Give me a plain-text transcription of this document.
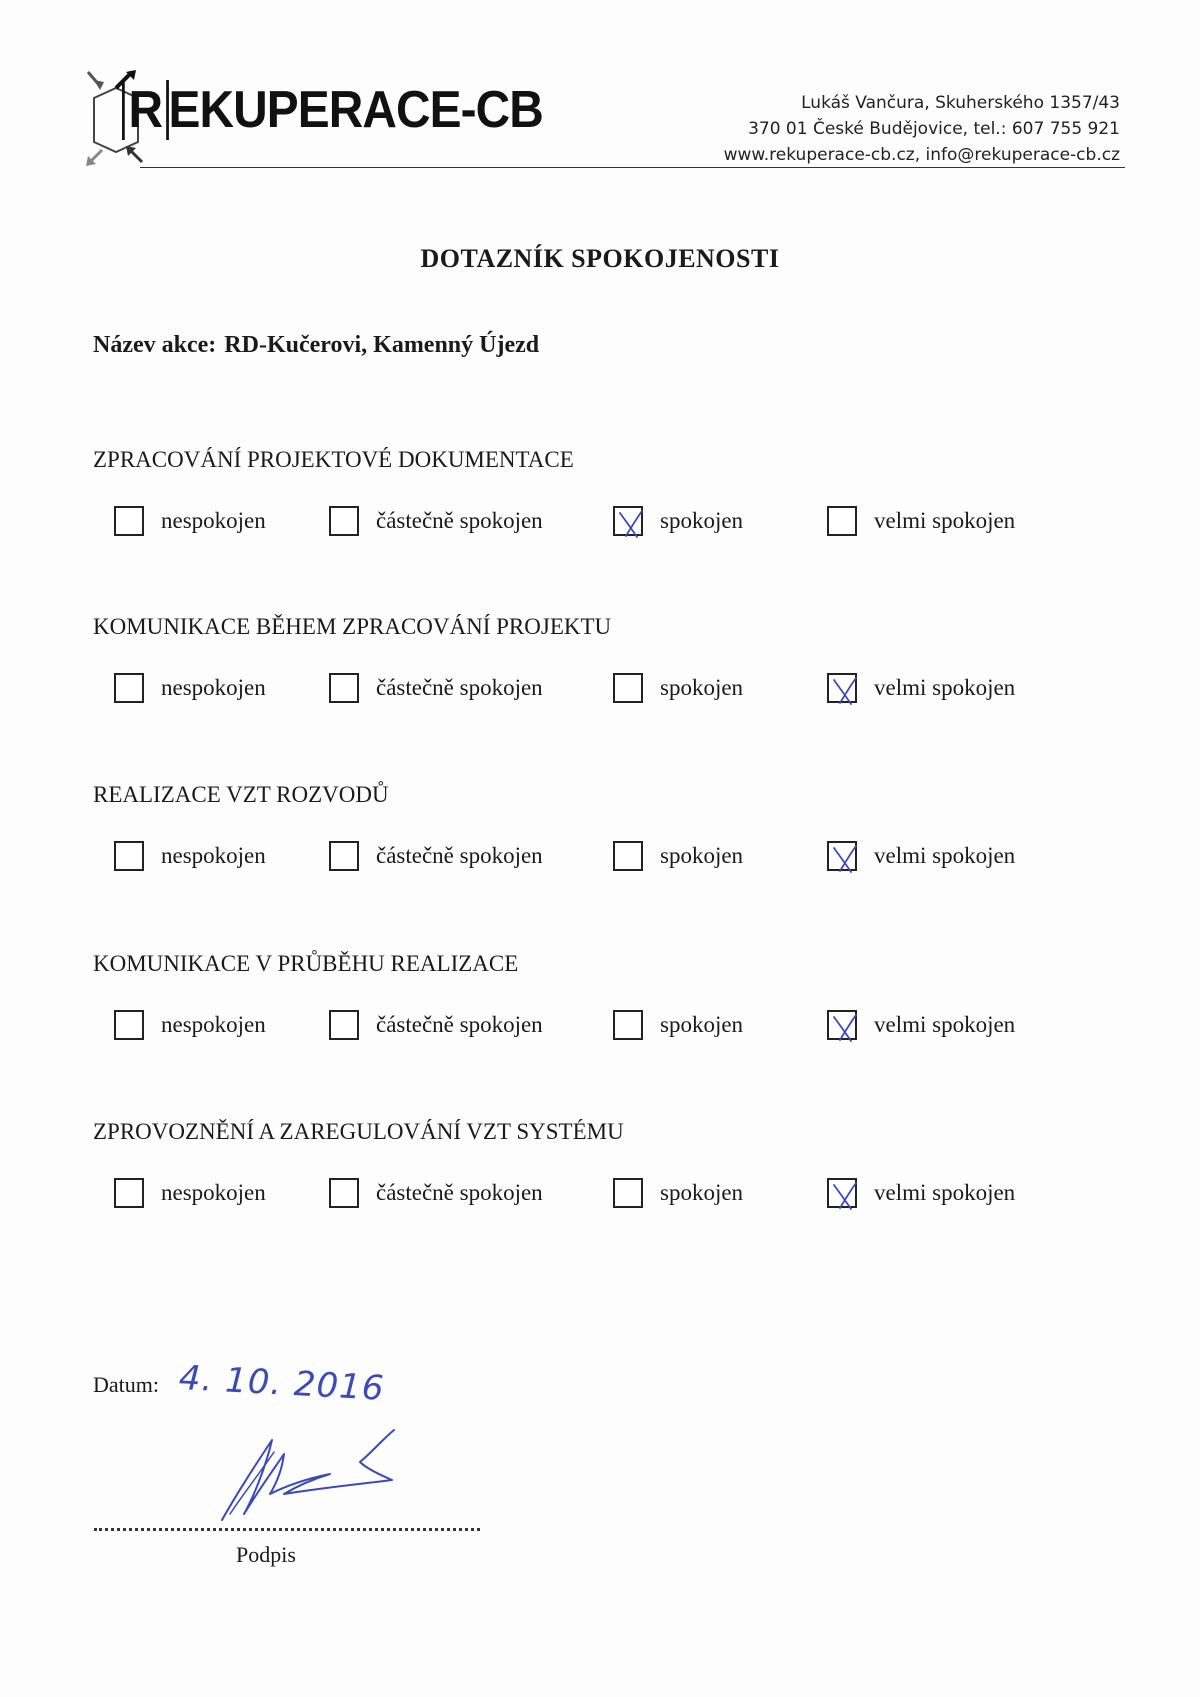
R EKUPERACE-CB	Lukáš Vančura, Skuherského 1357/43
370 01 České Budějovice, tel.: 607 755 921
www.rekuperace-cb.cz, info@rekuperace-cb.cz
DOTAZNÍK SPOKOJENOSTI
Název akce: RD-Kučerovi, Kamenný Újezd
ZPRACOVÁNÍ PROJEKTOVÉ DOKUMENTACE
nespokojen	částečně spokojen	spokojen	velmi spokojen
KOMUNIKACE BĚHEM ZPRACOVÁNÍ PROJEKTU
nespokojen	částečně spokojen	spokojen	velmi spokojen
REALIZACE VZT ROZVODŮ
nespokojen	částečně spokojen	spokojen	velmi spokojen
KOMUNIKACE V PRŮBĚHU REALIZACE
nespokojen	částečně spokojen	spokojen	velmi spokojen
ZPROVOZNĚNÍ A ZAREGULOVÁNÍ VZT SYSTÉMU
nespokojen	částečně spokojen	spokojen	velmi spokojen
Datum: 4. 10. 2016
Podpis
